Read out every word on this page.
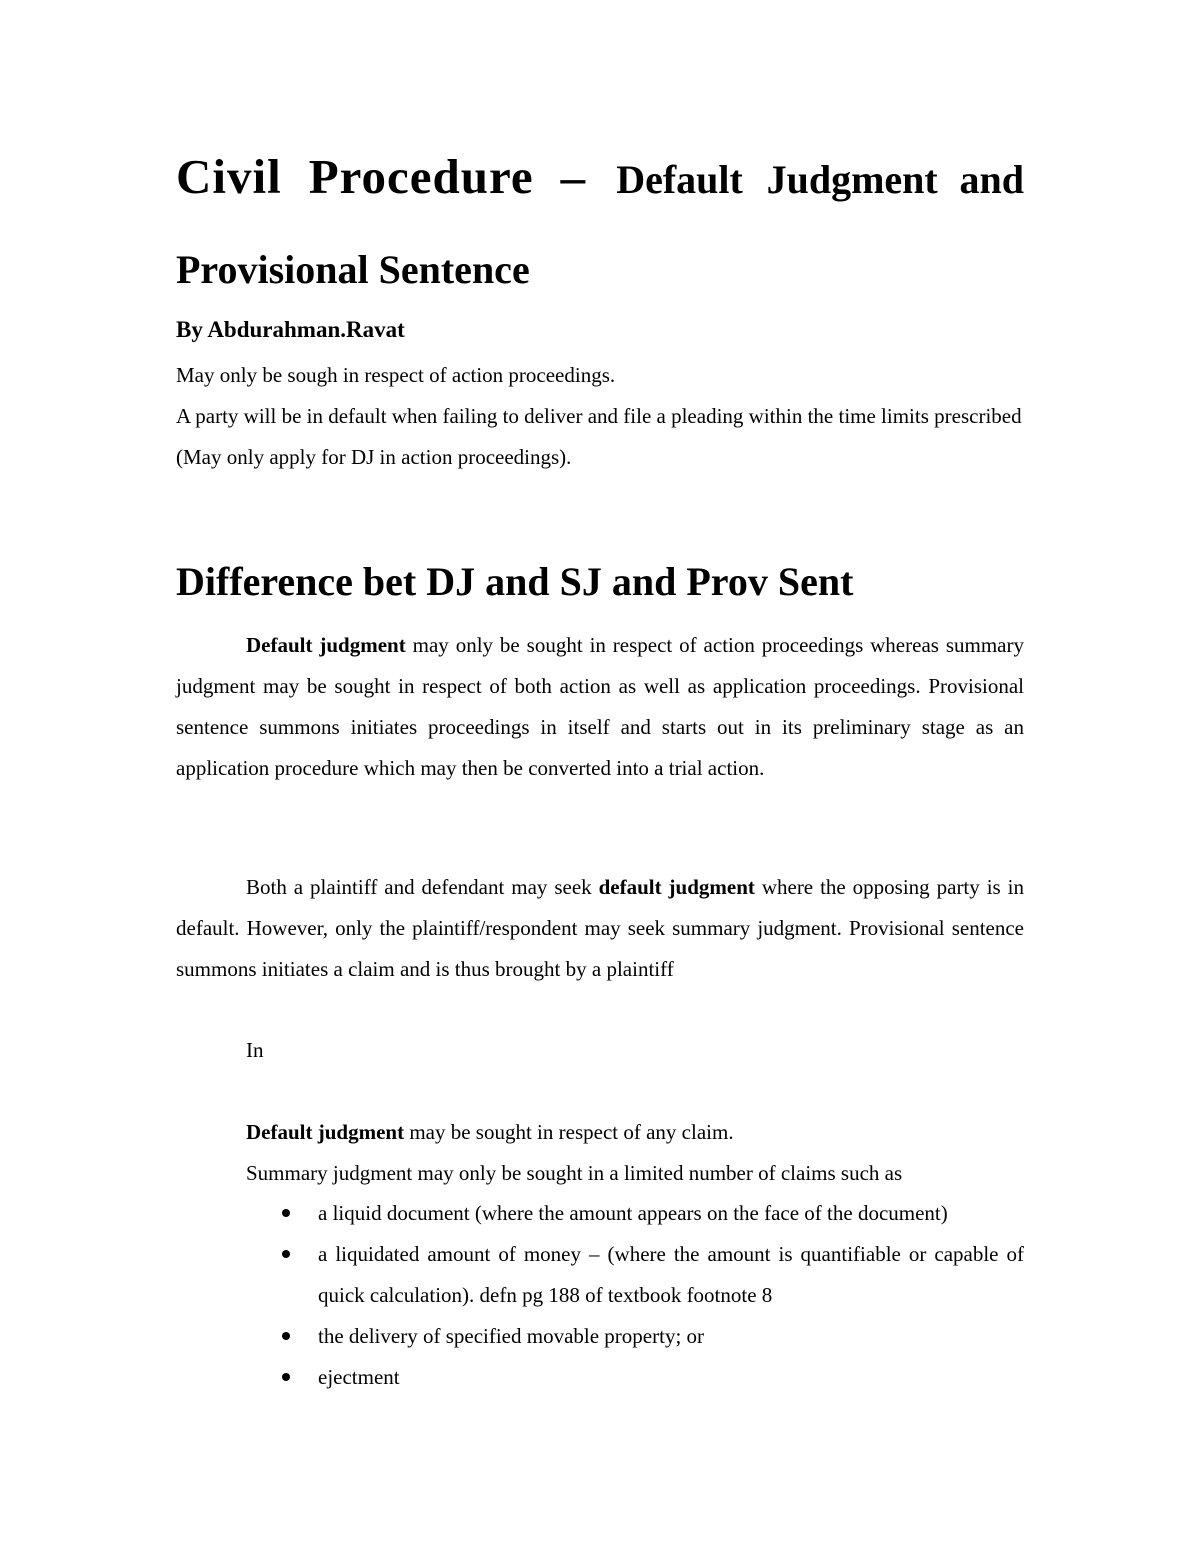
Civil Procedure – Default Judgment and Provisional Sentence

By Abdurahman.Ravat

May only be sough in respect of action proceedings.

A party will be in default when failing to deliver and file a pleading within the time limits prescribed (May only apply for DJ in action proceedings).

Difference bet DJ and SJ and Prov Sent

Default judgment may only be sought in respect of action proceedings whereas summary judgment may be sought in respect of both action as well as application proceedings. Provisional sentence summons initiates proceedings in itself and starts out in its preliminary stage as an application procedure which may then be converted into a trial action.

Both a plaintiff and defendant may seek default judgment where the opposing party is in default. However, only the plaintiff/respondent may seek summary judgment. Provisional sentence summons initiates a claim and is thus brought by a plaintiff

In

Default judgment may be sought in respect of any claim.

Summary judgment may only be sought in a limited number of claims such as

a liquid document (where the amount appears on the face of the document)
a liquidated amount of money – (where the amount is quantifiable or capable of quick calculation). defn pg 188 of textbook footnote 8
the delivery of specified movable property; or
ejectment
